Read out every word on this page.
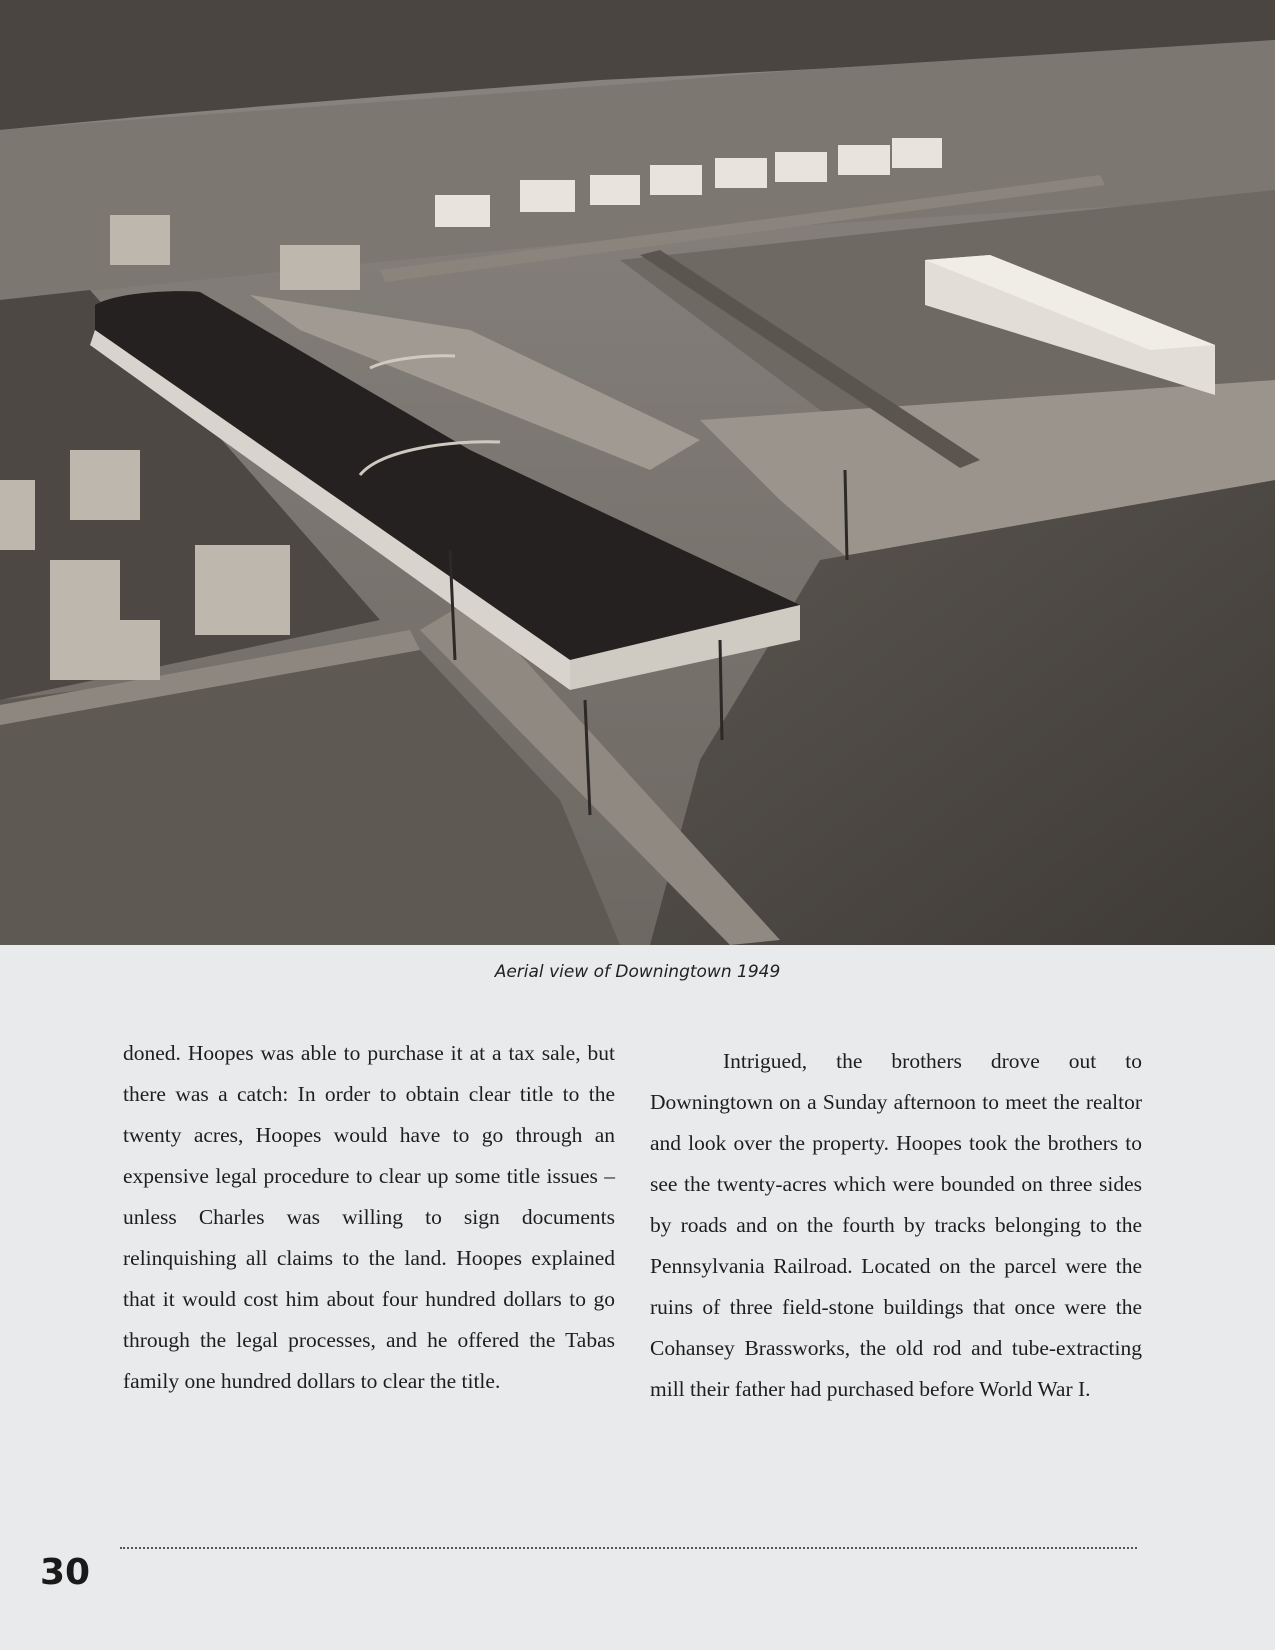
Aerial view of Downingtown 1949
doned. Hoopes was able to purchase it at a tax sale, but there was a catch: In order to obtain clear title to the twenty acres, Hoopes would have to go through an expensive legal procedure to clear up some title issues – unless Charles was willing to sign documents relinquishing all claims to the land. Hoopes explained that it would cost him about four hundred dollars to go through the legal processes, and he offered the Tabas family one hundred dollars to clear the title.
Intrigued, the brothers drove out to Downingtown on a Sunday afternoon to meet the realtor and look over the property. Hoopes took the brothers to see the twenty-acres which were bounded on three sides by roads and on the fourth by tracks belonging to the Pennsylvania Railroad. Located on the parcel were the ruins of three field-stone buildings that once were the Cohansey Brassworks, the old rod and tube-extracting mill their father had purchased before World War I.
30
